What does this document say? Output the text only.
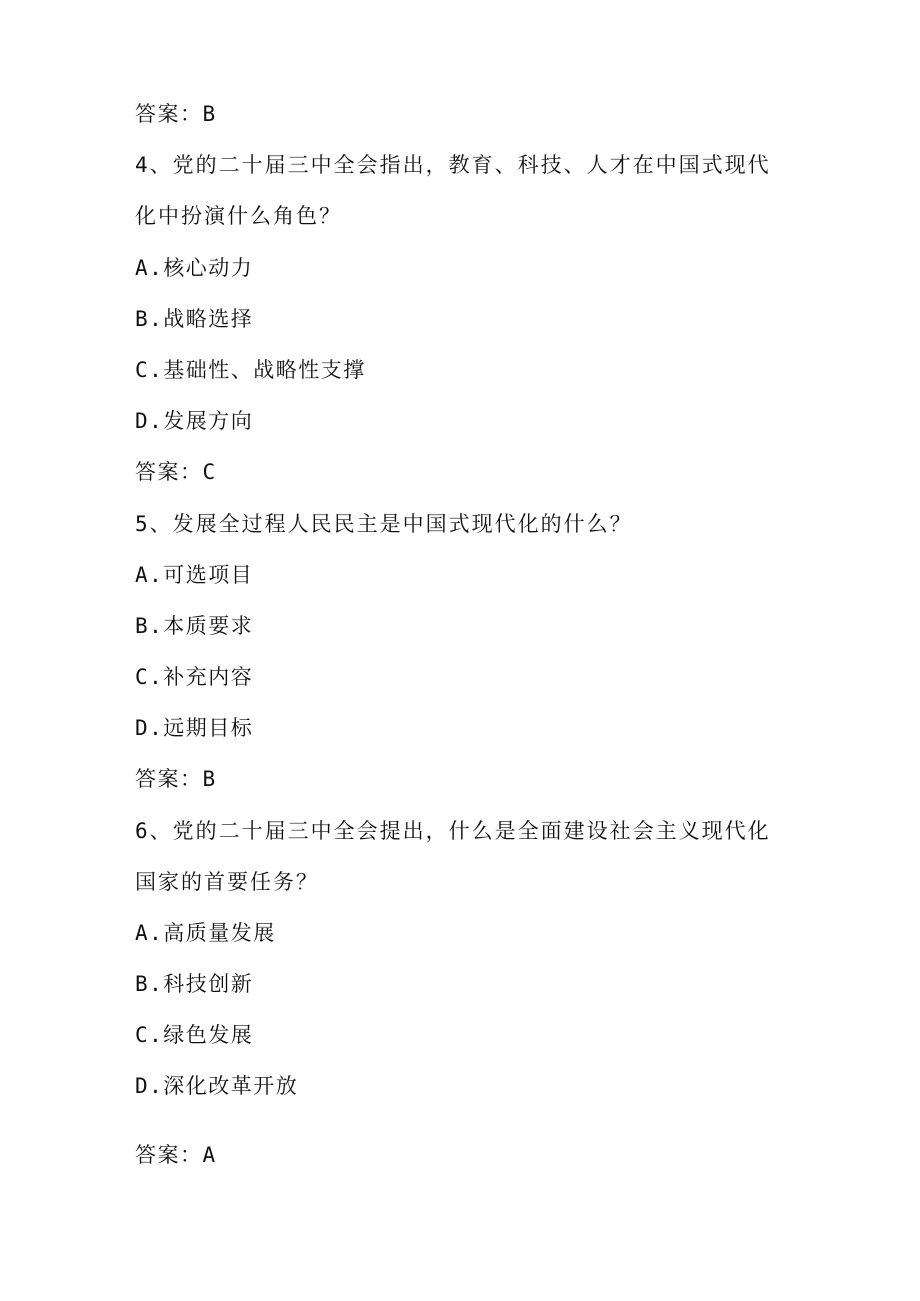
答案：B
4、党的二十届三中全会指出，教育、科技、人才在中国式现代
化中扮演什么角色？
A.核心动力
B.战略选择
C.基础性、战略性支撑
D.发展方向
答案：C
5、发展全过程人民民主是中国式现代化的什么？
A.可选项目
B.本质要求
C.补充内容
D.远期目标
答案：B
6、党的二十届三中全会提出，什么是全面建设社会主义现代化
国家的首要任务？
A.高质量发展
B.科技创新
C.绿色发展
D.深化改革开放
答案：A
